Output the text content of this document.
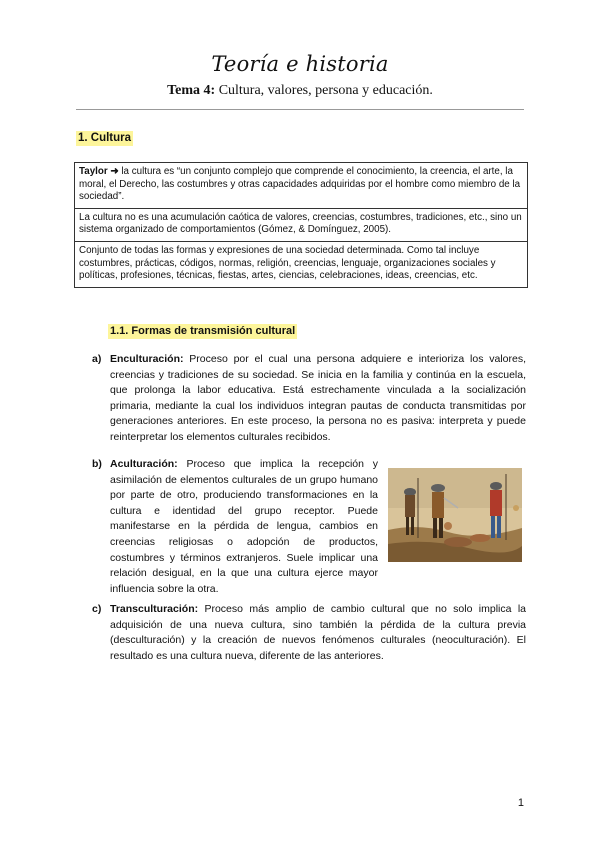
Teoría e historia
Tema 4: Cultura, valores, persona y educación.
1. Cultura
Taylor ➜ la cultura es “un conjunto complejo que comprende el conocimiento, la creencia, el arte, la moral, el Derecho, las costumbres y otras capacidades adquiridas por el hombre como miembro de la sociedad”.
La cultura no es una acumulación caótica de valores, creencias, costumbres, tradiciones, etc., sino un sistema organizado de comportamientos (Gómez, & Domínguez, 2005).
Conjunto de todas las formas y expresiones de una sociedad determinada. Como tal incluye costumbres, prácticas, códigos, normas, religión, creencias, lenguaje, organizaciones sociales y políticas, profesiones, técnicas, fiestas, artes, ciencias, celebraciones, ideas, creencias, etc.
1.1. Formas de transmisión cultural
a) Enculturación: Proceso por el cual una persona adquiere e interioriza los valores, creencias y tradiciones de su sociedad. Se inicia en la familia y continúa en la escuela, que prolonga la labor educativa. Está estrechamente vinculada a la socialización primaria, mediante la cual los individuos integran pautas de conducta transmitidas por generaciones anteriores. En este proceso, la persona no es pasiva: interpreta y puede reinterpretar los elementos culturales recibidos.
b) Aculturación: Proceso que implica la recepción y asimilación de elementos culturales de un grupo humano por parte de otro, produciendo transformaciones en la cultura e identidad del grupo receptor. Puede manifestarse en la pérdida de lengua, cambios en creencias religiosas o adopción de productos, costumbres y términos extranjeros. Suele implicar una relación desigual, en la que una cultura ejerce mayor influencia sobre la otra.
c) Transculturación: Proceso más amplio de cambio cultural que no solo implica la adquisición de una nueva cultura, sino también la pérdida de la cultura previa (desculturación) y la creación de nuevos fenómenos culturales (neoculturación). El resultado es una cultura nueva, diferente de las anteriores.
1
